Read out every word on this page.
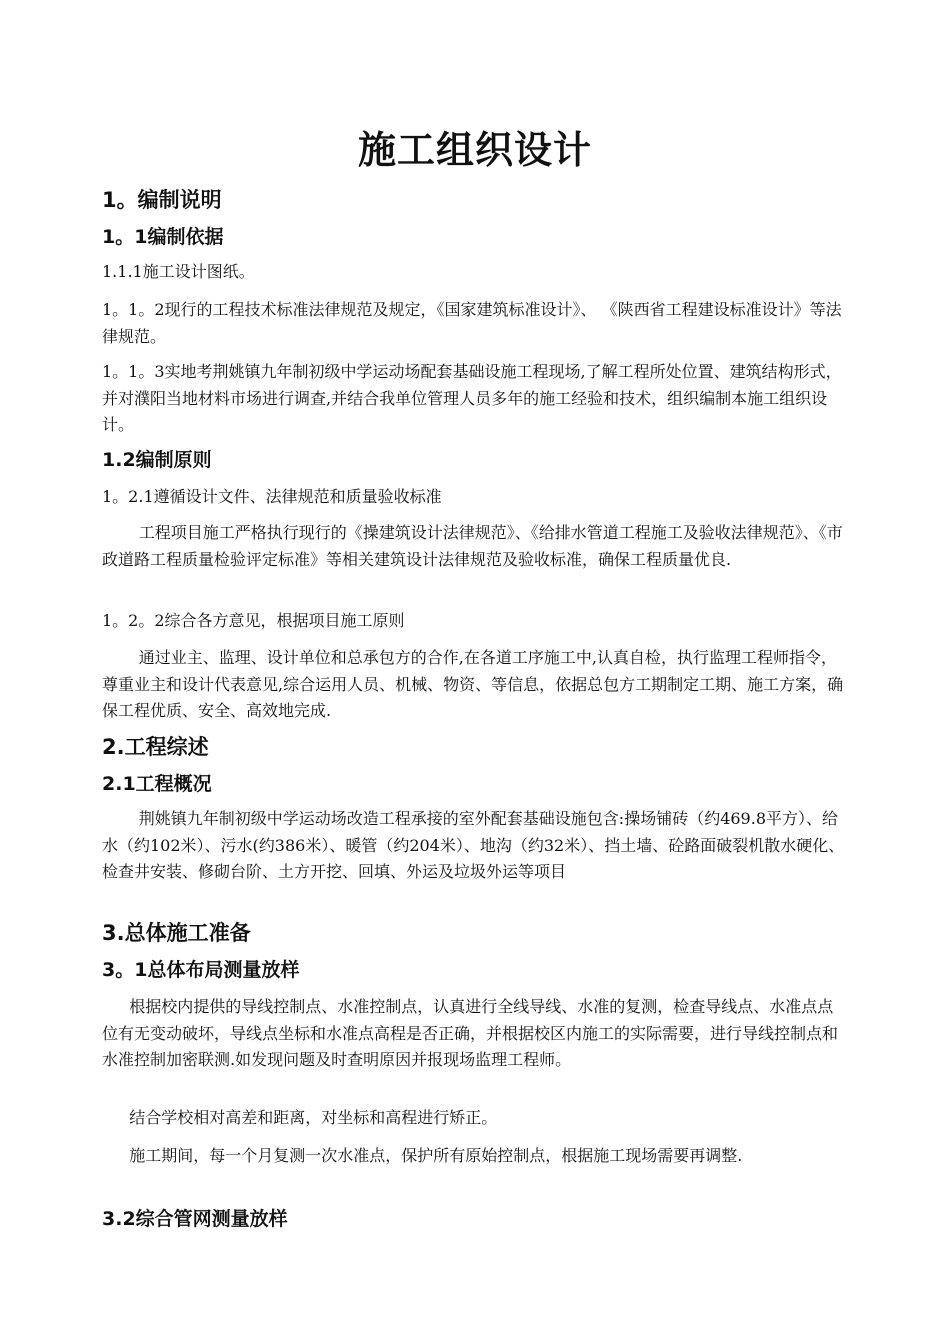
施工组织设计
1。编制说明
1。1编制依据
1.1.1施工设计图纸。
1。1。2现行的工程技术标准法律规范及规定，《国家建筑标准设计》、 《陕西省工程建设标准设计》等法律规范。
1。1。3实地考荆姚镇九年制初级中学运动场配套基础设施工程现场,了解工程所处位置、建筑结构形式，并对濮阳当地材料市场进行调查,并结合我单位管理人员多年的施工经验和技术，组织编制本施工组织设计。
1.2编制原则
1。2.1遵循设计文件、法律规范和质量验收标准
工程项目施工严格执行现行的《操建筑设计法律规范》、《给排水管道工程施工及验收法律规范》、《市政道路工程质量检验评定标准》等相关建筑设计法律规范及验收标准，确保工程质量优良.
1。2。2综合各方意见，根据项目施工原则
通过业主、监理、设计单位和总承包方的合作,在各道工序施工中,认真自检，执行监理工程师指令，尊重业主和设计代表意见,综合运用人员、机械、物资、等信息，依据总包方工期制定工期、施工方案，确保工程优质、安全、高效地完成.
2.工程综述
2.1工程概况
荆姚镇九年制初级中学运动场改造工程承接的室外配套基础设施包含:操场铺砖（约469.8平方）、给水（约102米）、污水(约386米）、暖管（约204米）、地沟（约32米）、挡土墙、砼路面破裂机散水硬化、检查井安装、修砌台阶、土方开挖、回填、外运及垃圾外运等项目
3.总体施工准备
3。1总体布局测量放样
根据校内提供的导线控制点、水准控制点，认真进行全线导线、水准的复测，检查导线点、水准点点位有无变动破坏，导线点坐标和水准点高程是否正确，并根据校区内施工的实际需要，进行导线控制点和水准控制加密联测.如发现问题及时查明原因并报现场监理工程师。
结合学校相对高差和距离，对坐标和高程进行矫正。
施工期间，每一个月复测一次水准点，保护所有原始控制点，根据施工现场需要再调整.
3.2综合管网测量放样
